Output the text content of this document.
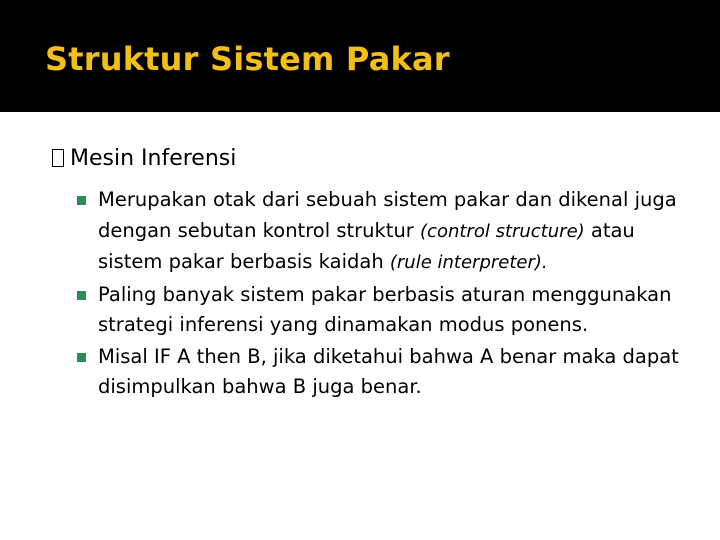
Struktur Sistem Pakar
Mesin Inferensi
Merupakan otak dari sebuah sistem pakar dan dikenal juga dengan sebutan kontrol struktur (control structure) atau sistem pakar berbasis kaidah (rule interpreter).
Paling banyak sistem pakar berbasis aturan menggunakan strategi inferensi yang dinamakan modus ponens.
Misal IF A then B, jika diketahui bahwa A benar maka dapat disimpulkan bahwa B juga benar.
